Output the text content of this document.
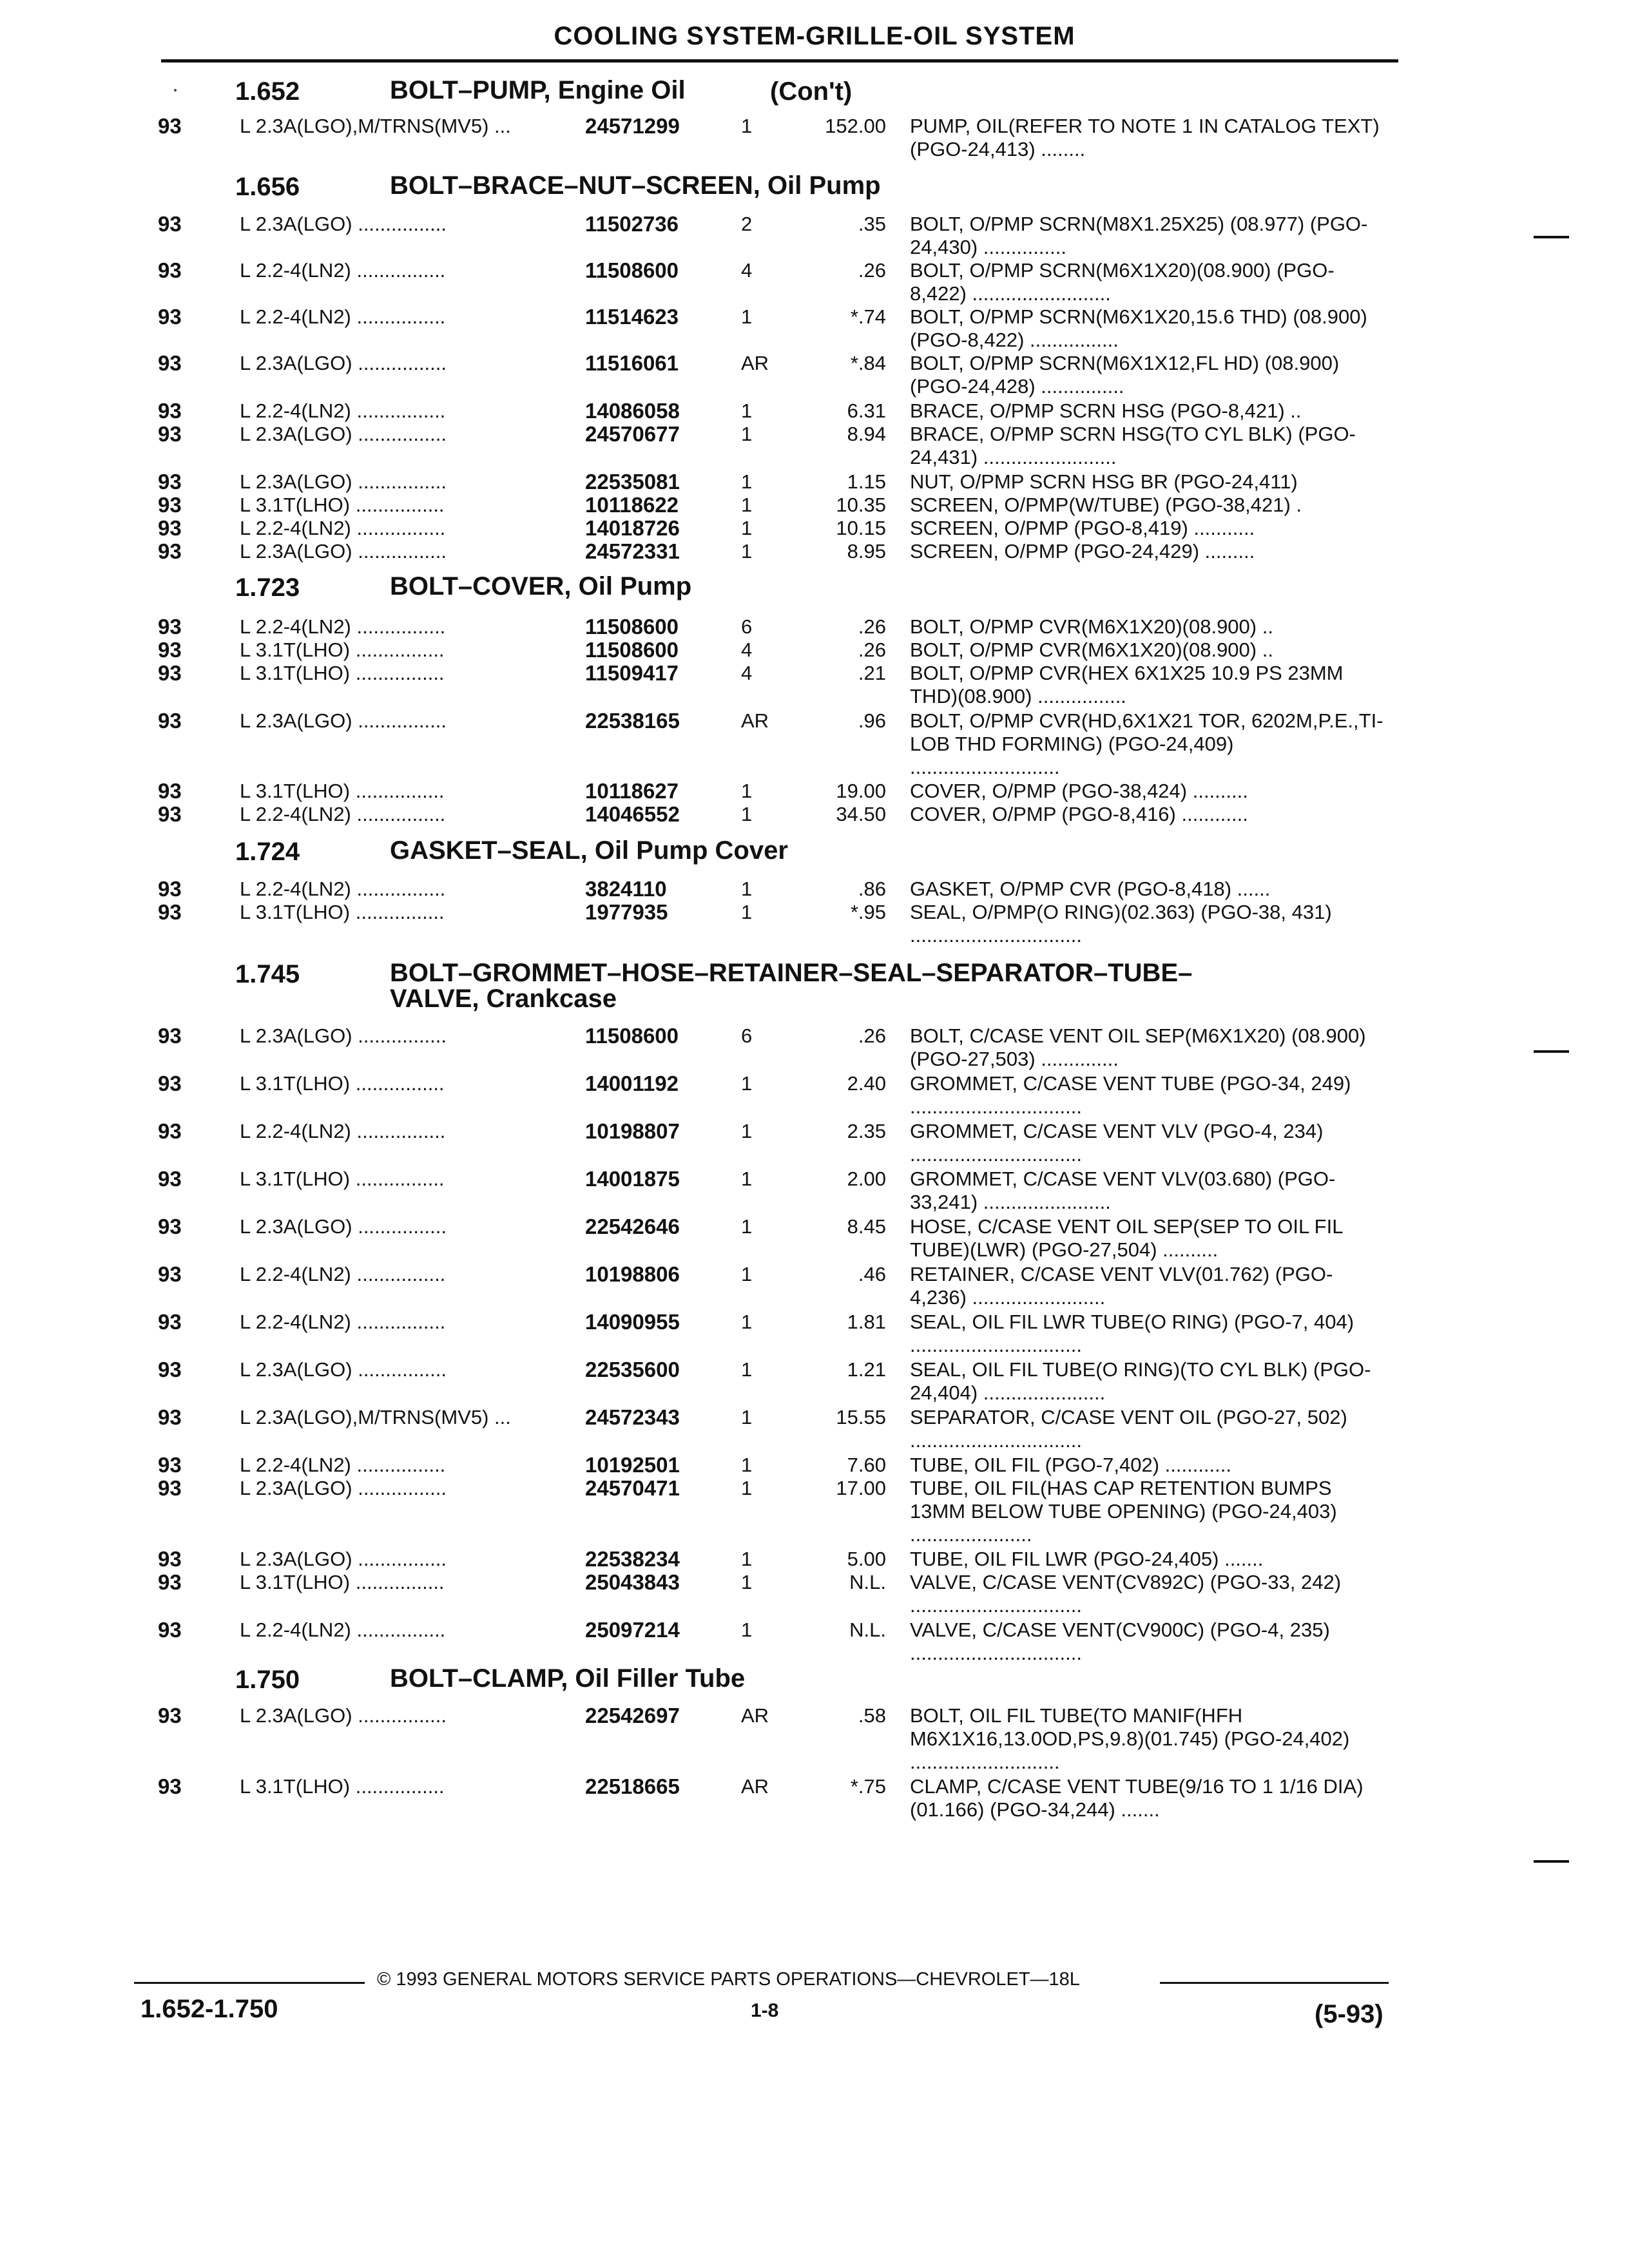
COOLING SYSTEM-GRILLE-OIL SYSTEM
1.652	BOLT–PUMP, Engine Oil	(Con't)
93	L 2.3A(LGO),M/TRNS(MV5) ...	24571299	1	152.00 PUMP, OIL(REFER TO NOTE 1 IN CATALOG TEXT) (PGO-24,413) ........
1.656	BOLT–BRACE–NUT–SCREEN, Oil Pump
93	L 2.3A(LGO) ................	11502736	2	.35 BOLT, O/PMP SCRN(M8X1.25X25) (08.977) (PGO-24,430) ...............
93	L 2.2-4(LN2) ................	11508600	4	.26 BOLT, O/PMP SCRN(M6X1X20)(08.900) (PGO-8,422) .........................
93	L 2.2-4(LN2) ................	11514623	1	*.74 BOLT, O/PMP SCRN(M6X1X20,15.6 THD) (08.900) (PGO-8,422) ................
93	L 2.3A(LGO) ................	11516061	AR	*.84 BOLT, O/PMP SCRN(M6X1X12,FL HD) (08.900) (PGO-24,428) ...............
93	L 2.2-4(LN2) ................	14086058	1	6.31 BRACE, O/PMP SCRN HSG (PGO-8,421) ..
93	L 2.3A(LGO) ................	24570677	1	8.94 BRACE, O/PMP SCRN HSG(TO CYL BLK) (PGO-24,431) ........................
93	L 2.3A(LGO) ................	22535081	1	1.15 NUT, O/PMP SCRN HSG BR (PGO-24,411)
93	L 3.1T(LHO) ................	10118622	1	10.35 SCREEN, O/PMP(W/TUBE) (PGO-38,421) .
93	L 2.2-4(LN2) ................	14018726	1	10.15 SCREEN, O/PMP (PGO-8,419) ...........
93	L 2.3A(LGO) ................	24572331	1	8.95 SCREEN, O/PMP (PGO-24,429) .........
1.723	BOLT–COVER, Oil Pump
93	L 2.2-4(LN2) ................	11508600	6	.26 BOLT, O/PMP CVR(M6X1X20)(08.900) ..
93	L 3.1T(LHO) ................	11508600	4	.26 BOLT, O/PMP CVR(M6X1X20)(08.900) ..
93	L 3.1T(LHO) ................	11509417	4	.21 BOLT, O/PMP CVR(HEX 6X1X25 10.9 PS 23MM THD)(08.900) ................
93	L 2.3A(LGO) ................	22538165	AR	.96 BOLT, O/PMP CVR(HD,6X1X21 TOR, 6202M,P.E.,TI-LOB THD FORMING) (PGO-24,409) ...........................
93	L 3.1T(LHO) ................	10118627	1	19.00 COVER, O/PMP (PGO-38,424) ..........
93	L 2.2-4(LN2) ................	14046552	1	34.50 COVER, O/PMP (PGO-8,416) ............
1.724	GASKET–SEAL, Oil Pump Cover
93	L 2.2-4(LN2) ................	3824110	1	.86 GASKET, O/PMP CVR (PGO-8,418) ......
93	L 3.1T(LHO) ................	1977935	1	*.95 SEAL, O/PMP(O RING)(02.363) (PGO-38, 431) ...............................
1.745	BOLT–GROMMET–HOSE–RETAINER–SEAL–SEPARATOR–TUBE–VALVE, Crankcase
93	L 2.3A(LGO) ................	11508600	6	.26 BOLT, C/CASE VENT OIL SEP(M6X1X20) (08.900) (PGO-27,503) ..............
93	L 3.1T(LHO) ................	14001192	1	2.40 GROMMET, C/CASE VENT TUBE (PGO-34, 249) ...............................
93	L 2.2-4(LN2) ................	10198807	1	2.35 GROMMET, C/CASE VENT VLV (PGO-4, 234) ...............................
93	L 3.1T(LHO) ................	14001875	1	2.00 GROMMET, C/CASE VENT VLV(03.680) (PGO-33,241) .......................
93	L 2.3A(LGO) ................	22542646	1	8.45 HOSE, C/CASE VENT OIL SEP(SEP TO OIL FIL TUBE)(LWR) (PGO-27,504) ..........
93	L 2.2-4(LN2) ................	10198806	1	.46 RETAINER, C/CASE VENT VLV(01.762) (PGO-4,236) ........................
93	L 2.2-4(LN2) ................	14090955	1	1.81 SEAL, OIL FIL LWR TUBE(O RING) (PGO-7, 404) ...............................
93	L 2.3A(LGO) ................	22535600	1	1.21 SEAL, OIL FIL TUBE(O RING)(TO CYL BLK) (PGO-24,404) ......................
93	L 2.3A(LGO),M/TRNS(MV5) ...	24572343	1	15.55 SEPARATOR, C/CASE VENT OIL (PGO-27, 502) ...............................
93	L 2.2-4(LN2) ................	10192501	1	7.60 TUBE, OIL FIL (PGO-7,402) ............
93	L 2.3A(LGO) ................	24570471	1	17.00 TUBE, OIL FIL(HAS CAP RETENTION BUMPS 13MM BELOW TUBE OPENING) (PGO-24,403) ......................
93	L 2.3A(LGO) ................	22538234	1	5.00 TUBE, OIL FIL LWR (PGO-24,405) .......
93	L 3.1T(LHO) ................	25043843	1	N.L. VALVE, C/CASE VENT(CV892C) (PGO-33, 242) ...............................
93	L 2.2-4(LN2) ................	25097214	1	N.L. VALVE, C/CASE VENT(CV900C) (PGO-4, 235) ...............................
1.750	BOLT–CLAMP, Oil Filler Tube
93	L 2.3A(LGO) ................	22542697	AR	.58 BOLT, OIL FIL TUBE(TO MANIF(HFH M6X1X16,13.0OD,PS,9.8)(01.745) (PGO-24,402) ...........................
93	L 3.1T(LHO) ................	22518665	AR	*.75 CLAMP, C/CASE VENT TUBE(9/16 TO 1 1/16 DIA)(01.166) (PGO-34,244) .......
© 1993 GENERAL MOTORS SERVICE PARTS OPERATIONS—CHEVROLET—18L
1.652-1.750	1-8	(5-93)
